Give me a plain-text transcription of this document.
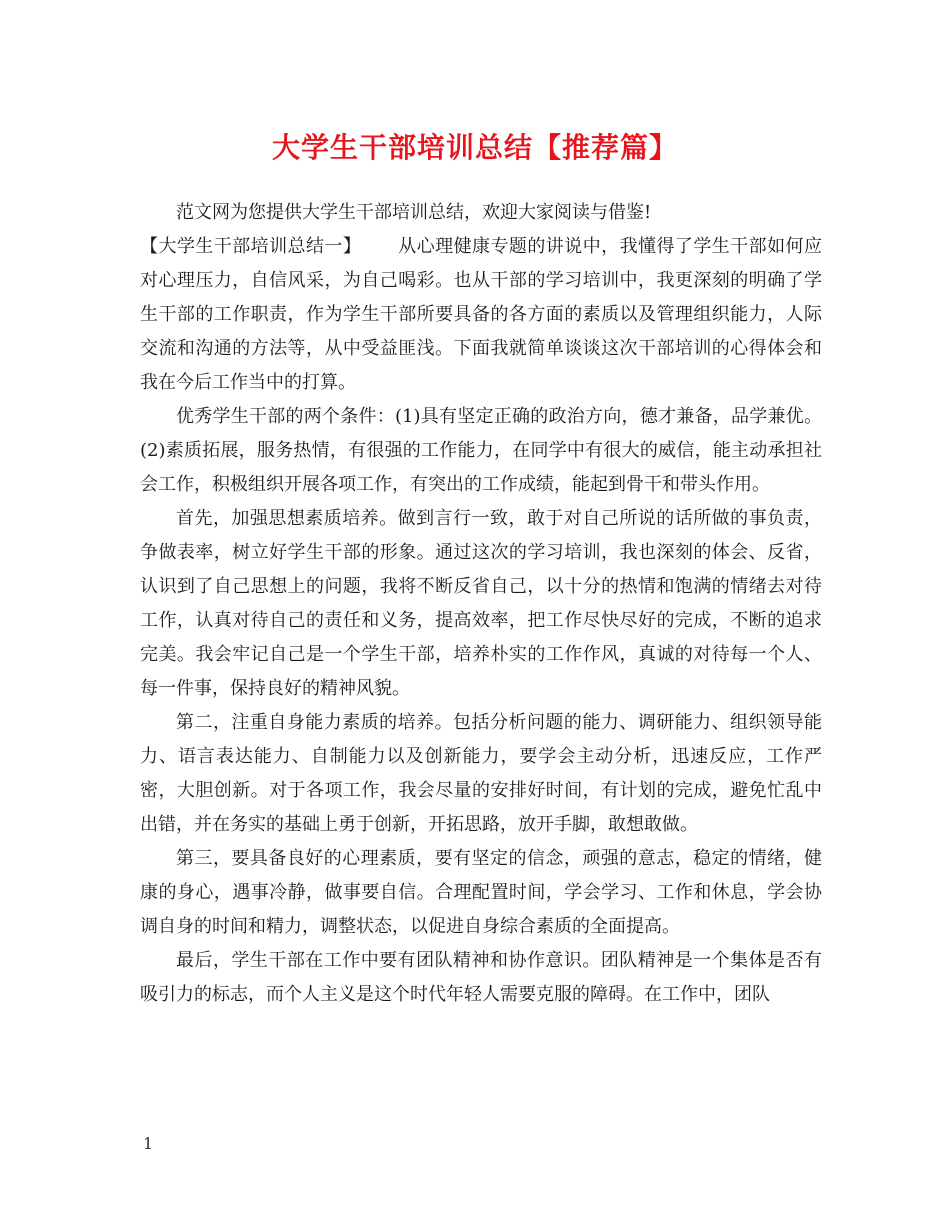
大学生干部培训总结【推荐篇】

范文网为您提供大学生干部培训总结，欢迎大家阅读与借鉴!

【大学生干部培训总结一】 从心理健康专题的讲说中，我懂得了学生干部如何应对心理压力，自信风采，为自己喝彩。也从干部的学习培训中，我更深刻的明确了学生干部的工作职责，作为学生干部所要具备的各方面的素质以及管理组织能力，人际交流和沟通的方法等，从中受益匪浅。下面我就简单谈谈这次干部培训的心得体会和我在今后工作当中的打算。

优秀学生干部的两个条件：(1)具有坚定正确的政治方向，德才兼备，品学兼优。(2)素质拓展，服务热情，有很强的工作能力，在同学中有很大的威信，能主动承担社会工作，积极组织开展各项工作，有突出的工作成绩，能起到骨干和带头作用。

首先，加强思想素质培养。做到言行一致，敢于对自己所说的话所做的事负责，争做表率，树立好学生干部的形象。通过这次的学习培训，我也深刻的体会、反省，认识到了自己思想上的问题，我将不断反省自己，以十分的热情和饱满的情绪去对待工作，认真对待自己的责任和义务，提高效率，把工作尽快尽好的完成，不断的追求完美。我会牢记自己是一个学生干部，培养朴实的工作作风，真诚的对待每一个人、每一件事，保持良好的精神风貌。

第二，注重自身能力素质的培养。包括分析问题的能力、调研能力、组织领导能力、语言表达能力、自制能力以及创新能力，要学会主动分析，迅速反应，工作严密，大胆创新。对于各项工作，我会尽量的安排好时间，有计划的完成，避免忙乱中出错，并在务实的基础上勇于创新，开拓思路，放开手脚，敢想敢做。

第三，要具备良好的心理素质，要有坚定的信念，顽强的意志，稳定的情绪，健康的身心，遇事冷静，做事要自信。合理配置时间，学会学习、工作和休息，学会协调自身的时间和精力，调整状态，以促进自身综合素质的全面提高。

最后，学生干部在工作中要有团队精神和协作意识。团队精神是一个集体是否有吸引力的标志，而个人主义是这个时代年轻人需要克服的障碍。在工作中，团队

1
